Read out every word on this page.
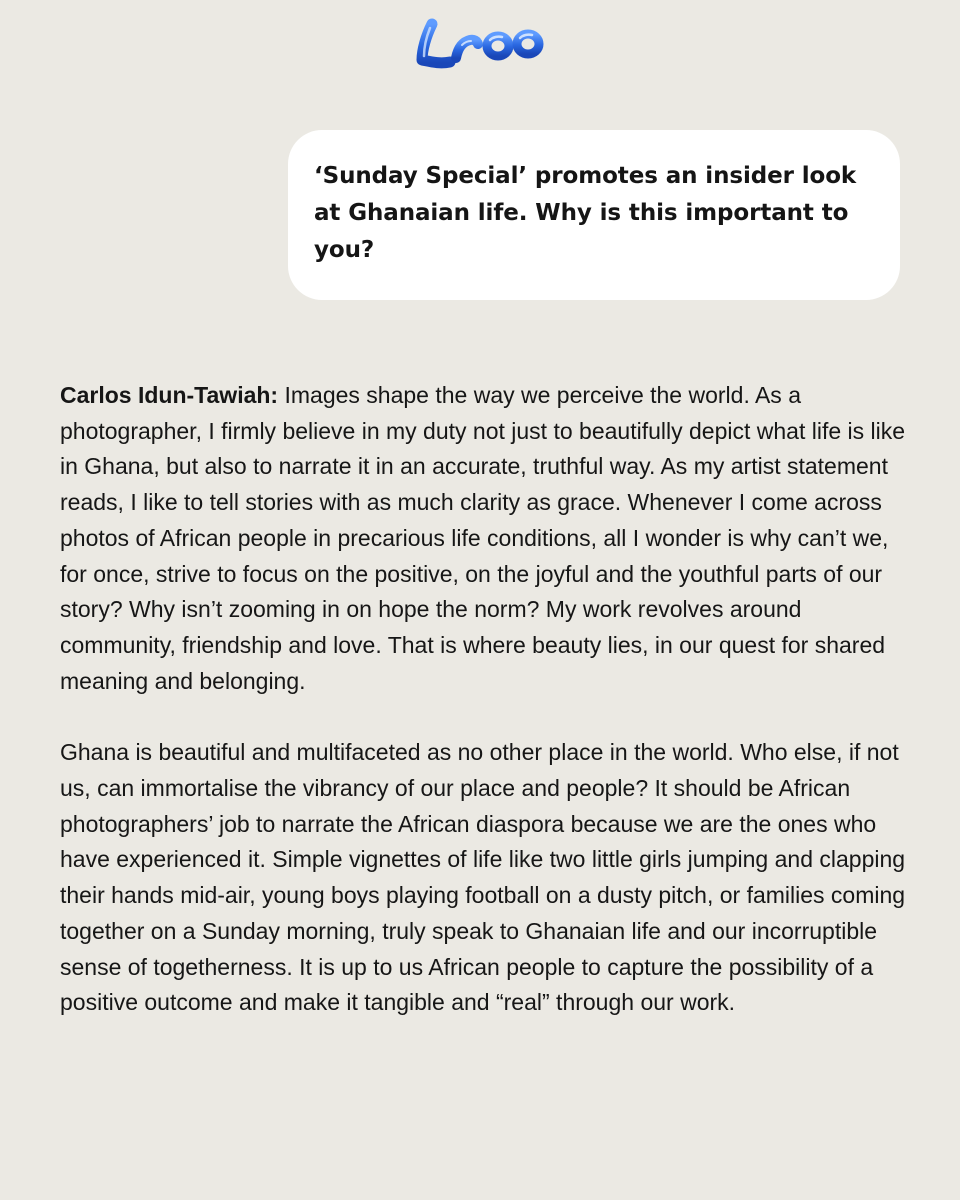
‘Sunday Special’ promotes an insider look at Ghanaian life. Why is this important to you?

Carlos Idun-Tawiah: Images shape the way we perceive the world. As a photographer, I firmly believe in my duty not just to beautifully depict what life is like in Ghana, but also to narrate it in an accurate, truthful way. As my artist statement reads, I like to tell stories with as much clarity as grace. Whenever I come across photos of African people in precarious life conditions, all I wonder is why can’t we, for once, strive to focus on the positive, on the joyful and the youthful parts of our story? Why isn’t zooming in on hope the norm? My work revolves around community, friendship and love. That is where beauty lies, in our quest for shared meaning and belonging.

Ghana is beautiful and multifaceted as no other place in the world. Who else, if not us, can immortalise the vibrancy of our place and people? It should be African photographers’ job to narrate the African diaspora because we are the ones who have experienced it. Simple vignettes of life like two little girls jumping and clapping their hands mid-air, young boys playing football on a dusty pitch, or families coming together on a Sunday morning, truly speak to Ghanaian life and our incorruptible sense of togetherness. It is up to us African people to capture the possibility of a positive outcome and make it tangible and “real” through our work.
